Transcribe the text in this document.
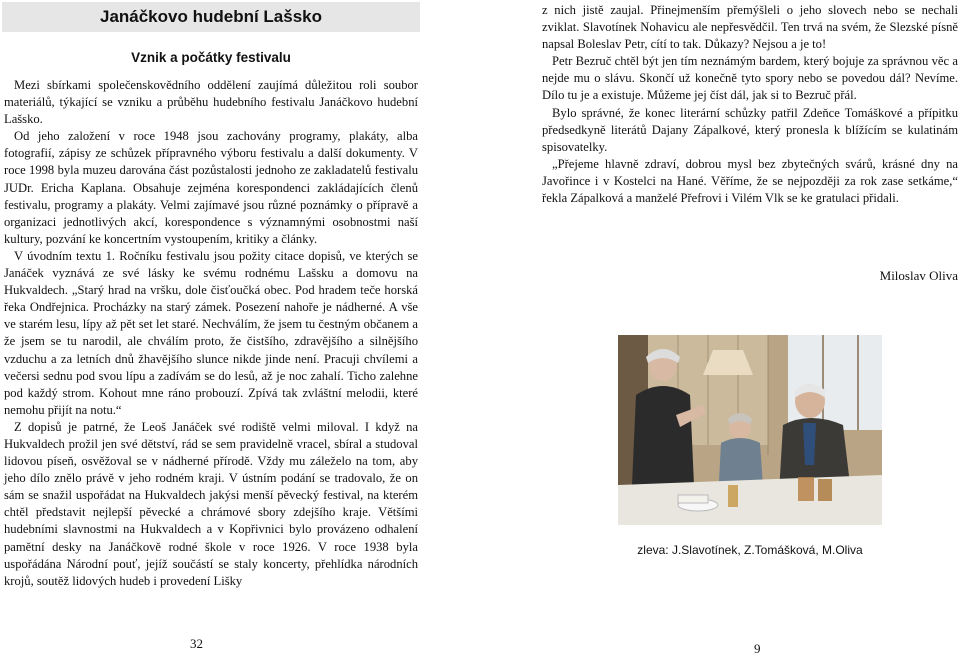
Janáčkovo hudební Lašsko
Vznik a počátky festivalu

Mezi sbírkami společenskovědního oddělení zaujímá důležitou roli soubor materiálů, týkající se vzniku a průběhu hudebního festivalu Janáčkovo hudební Lašsko.

Od jeho založení v roce 1948 jsou zachovány programy, plakáty, alba fotografií, zápisy ze schůzek přípravného výboru festivalu a další dokumenty. V roce 1998 byla muzeu darována část pozůstalosti jednoho ze zakladatelů festivalu JUDr. Ericha Kaplana. Obsahuje zejména korespondenci zakládajících členů festivalu, programy a plakáty. Velmi zajímavé jsou různé poznámky o přípravě a organizaci jednotlivých akcí, korespondence s významnými osobnostmi naší kultury, pozvání ke koncertním vystoupením, kritiky a články.

V úvodním textu 1. Ročníku festivalu jsou požity citace dopisů, ve kterých se Janáček vyznává ze své lásky ke svému rodnému Lašsku a domovu na Hukvaldech. „Starý hrad na vršku, dole čisťoučká obec. Pod hradem teče horská řeka Ondřejnica. Procházky na starý zámek. Posezení nahoře je nádherné. A vše ve starém lesu, lípy až pět set let staré. Nechválím, že jsem tu čestným občanem a že jsem se tu narodil, ale chválím proto, že čistšího, zdravějšího a silnějšího vzduchu a za letních dnů žhavějšího slunce nikde jinde není. Pracuji chvílemi a večersi sednu pod svou lípu a zadívám se do lesů, až je noc zahalí. Ticho zalehne pod každý strom. Kohout mne ráno probouzí. Zpívá tak zvláštní melodii, které nemohu přijít na notu.“

Z dopisů je patrné, že Leoš Janáček své rodiště velmi miloval. I když na Hukvaldech prožil jen své dětství, rád se sem pravidelně vracel, sbíral a studoval lidovou píseň, osvěžoval se v nádherné přírodě. Vždy mu záleželo na tom, aby jeho dílo znělo právě v jeho rodném kraji. V ústním podání se tradovalo, že on sám se snažil uspořádat na Hukvaldech jakýsi menší pěvecký festival, na kterém chtěl představit nejlepší pěvecké a chrámové sbory zdejšího kraje. Většími hudebními slavnostmi na Hukvaldech a v Kopřivnici bylo provázeno odhalení pamětní desky na Janáčkově rodné škole v roce 1926. V roce 1938 byla uspořádána Národní pouť, jejíž součástí se staly koncerty, přehlídka národních krojů, soutěž lidových hudeb i provedení Lišky

32

z nich jistě zaujal. Přinejmenším přemýšleli o jeho slovech nebo se nechali zviklat. Slavotínek Nohavicu ale nepřesvědčil. Ten trvá na svém, že Slezské písně napsal Boleslav Petr, cítí to tak. Důkazy? Nejsou a je to!

Petr Bezruč chtěl být jen tím neznámým bardem, který bojuje za správnou věc a nejde mu o slávu. Skončí už konečně tyto spory nebo se povedou dál? Nevíme. Dílo tu je a existuje. Můžeme jej číst dál, jak si to Bezruč přál.

Bylo správné, že konec literární schůzky patřil Zdeňce Tomáškové a přípitku předsedkyně literátů Dajany Zápalkové, který pronesla k blížícím se kulatinám spisovatelky.

„Přejeme hlavně zdraví, dobrou mysl bez zbytečných svárů, krásné dny na Javořince i v Kostelci na Hané. Věříme, že se nejpozději za rok zase setkáme,“ řekla Zápalková a manželé Přefrovi i Vilém Vlk se ke gratulaci přidali.

Miloslav Oliva
zleva: J.Slavotínek, Z.Tomášková, M.Oliva
9
